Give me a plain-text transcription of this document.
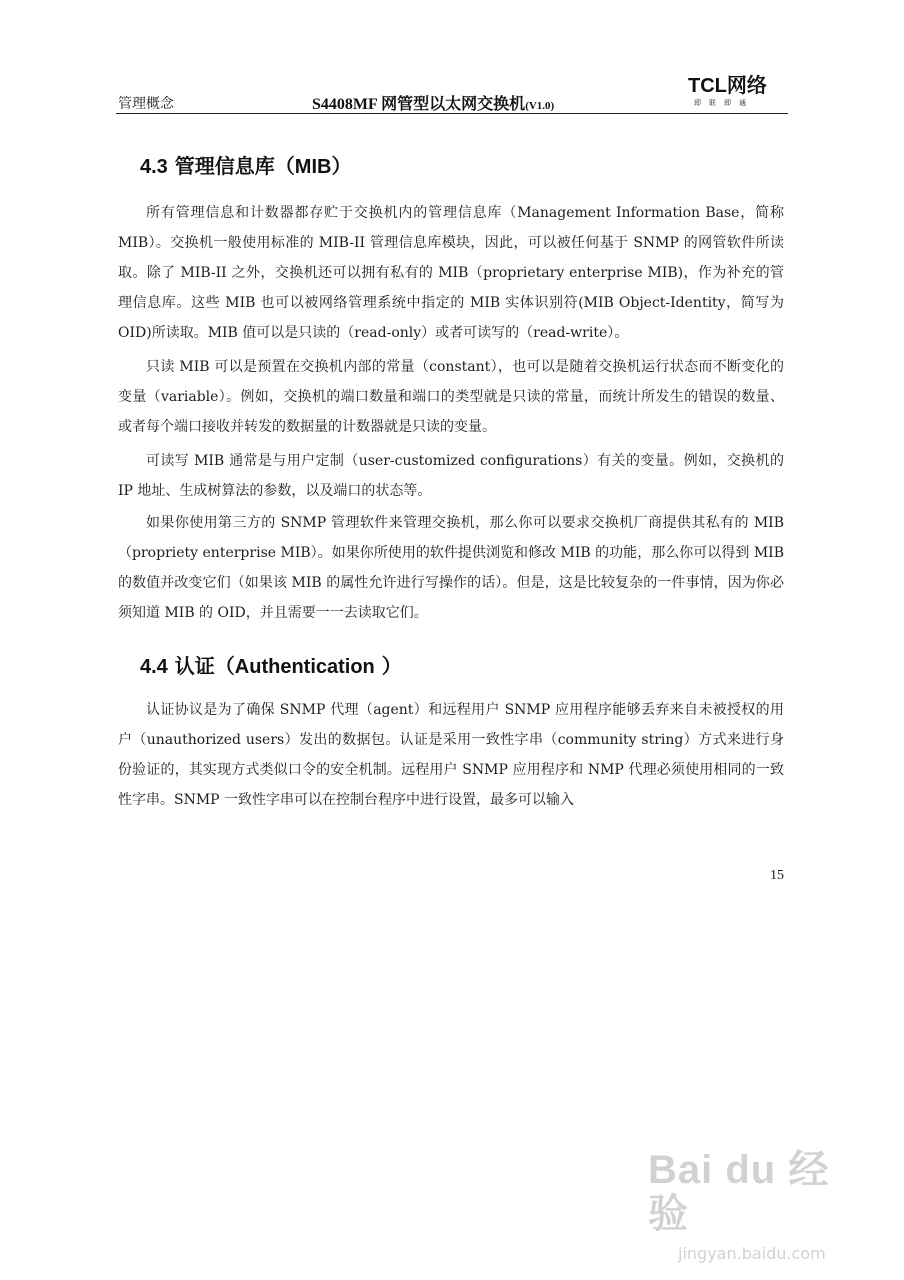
管理概念	S4408MF 网管型以太网交换机(V1.0)
TCL网络
即联即通
4.3 管理信息库（MIB）

所有管理信息和计数器都存贮于交换机内的管理信息库（Management Information Base，简称 MIB）。交换机一般使用标准的 MIB-II 管理信息库模块，因此，可以被任何基于 SNMP 的网管软件所读取。除了 MIB-II 之外，交换机还可以拥有私有的 MIB（proprietary enterprise MIB)，作为补充的管理信息库。这些 MIB 也可以被网络管理系统中指定的 MIB 实体识别符(MIB Object-Identity，简写为 OID)所读取。MIB 值可以是只读的（read-only）或者可读写的（read-write）。

只读 MIB 可以是预置在交换机内部的常量（constant），也可以是随着交换机运行状态而不断变化的变量（variable）。例如，交换机的端口数量和端口的类型就是只读的常量，而统计所发生的错误的数量、或者每个端口接收并转发的数据量的计数器就是只读的变量。

可读写 MIB 通常是与用户定制（user-customized configurations）有关的变量。例如，交换机的 IP 地址、生成树算法的参数，以及端口的状态等。

如果你使用第三方的 SNMP 管理软件来管理交换机，那么你可以要求交换机厂商提供其私有的 MIB（propriety enterprise MIB）。如果你所使用的软件提供浏览和修改 MIB 的功能，那么你可以得到 MIB 的数值并改变它们（如果该 MIB 的属性允许进行写操作的话）。但是，这是比较复杂的一件事情，因为你必须知道 MIB 的 OID，并且需要一一去读取它们。

4.4 认证（Authentication ）

认证协议是为了确保 SNMP 代理（agent）和远程用户 SNMP 应用程序能够丢弃来自未被授权的用户（unauthorized users）发出的数据包。认证是采用一致性字串（community string）方式来进行身份验证的，其实现方式类似口令的安全机制。远程用户 SNMP 应用程序和 NMP 代理必须使用相同的一致性字串。SNMP 一致性字串可以在控制台程序中进行设置，最多可以输入

15
Bai du 经验
jingyan.baidu.com
